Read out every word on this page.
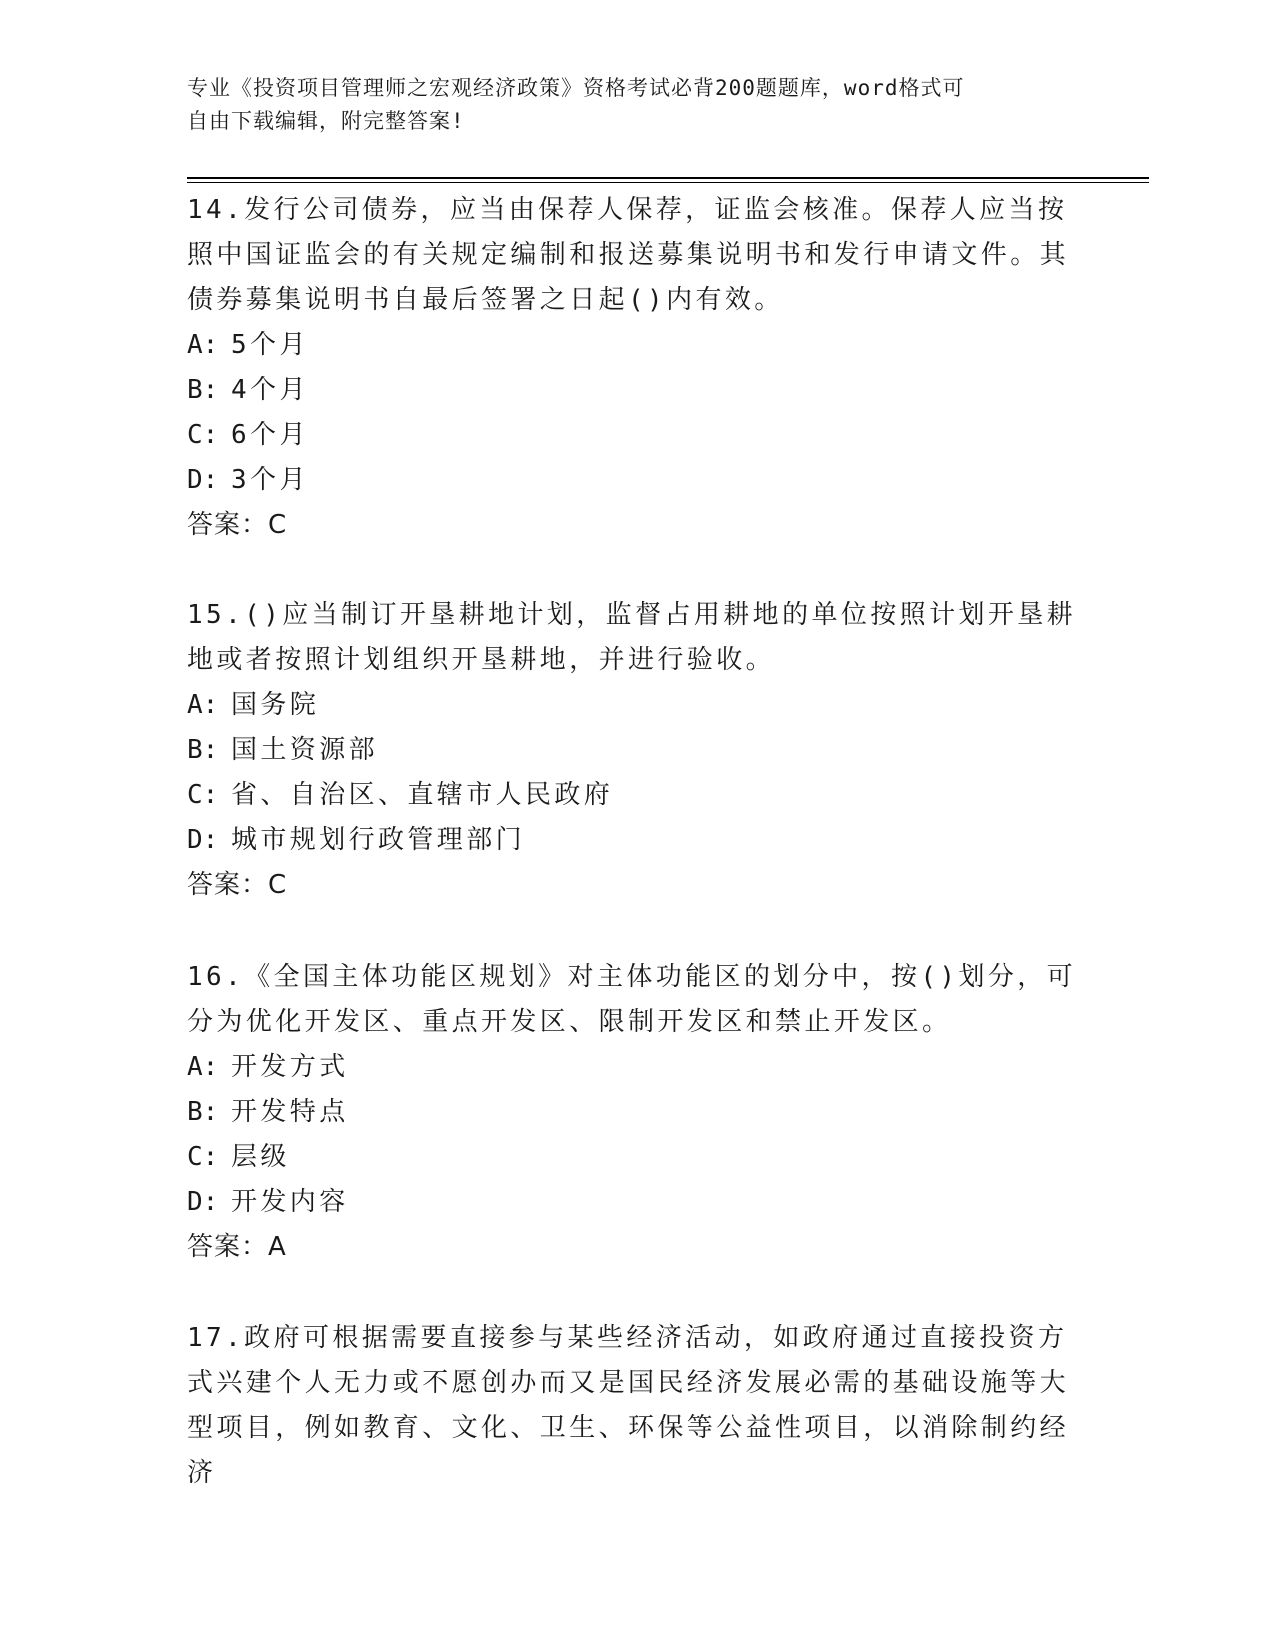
专业《投资项目管理师之宏观经济政策》资格考试必背200题题库，word格式可
自由下载编辑，附完整答案!

14.发行公司债券，应当由保荐人保荐，证监会核准。保荐人应当按照中国证监会的有关规定编制和报送募集说明书和发行申请文件。其债券募集说明书自最后签署之日起()内有效。

A: 5个月
B: 4个月
C: 6个月
D: 3个月
答案：C

15.()应当制订开垦耕地计划，监督占用耕地的单位按照计划开垦耕地或者按照计划组织开垦耕地，并进行验收。

A: 国务院
B: 国土资源部
C: 省、自治区、直辖市人民政府
D: 城市规划行政管理部门
答案：C

16.《全国主体功能区规划》对主体功能区的划分中，按()划分，可分为优化开发区、重点开发区、限制开发区和禁止开发区。

A: 开发方式
B: 开发特点
C: 层级
D: 开发内容
答案：A

17.政府可根据需要直接参与某些经济活动，如政府通过直接投资方式兴建个人无力或不愿创办而又是国民经济发展必需的基础设施等大型项目，例如教育、文化、卫生、环保等公益性项目，以消除制约经济
